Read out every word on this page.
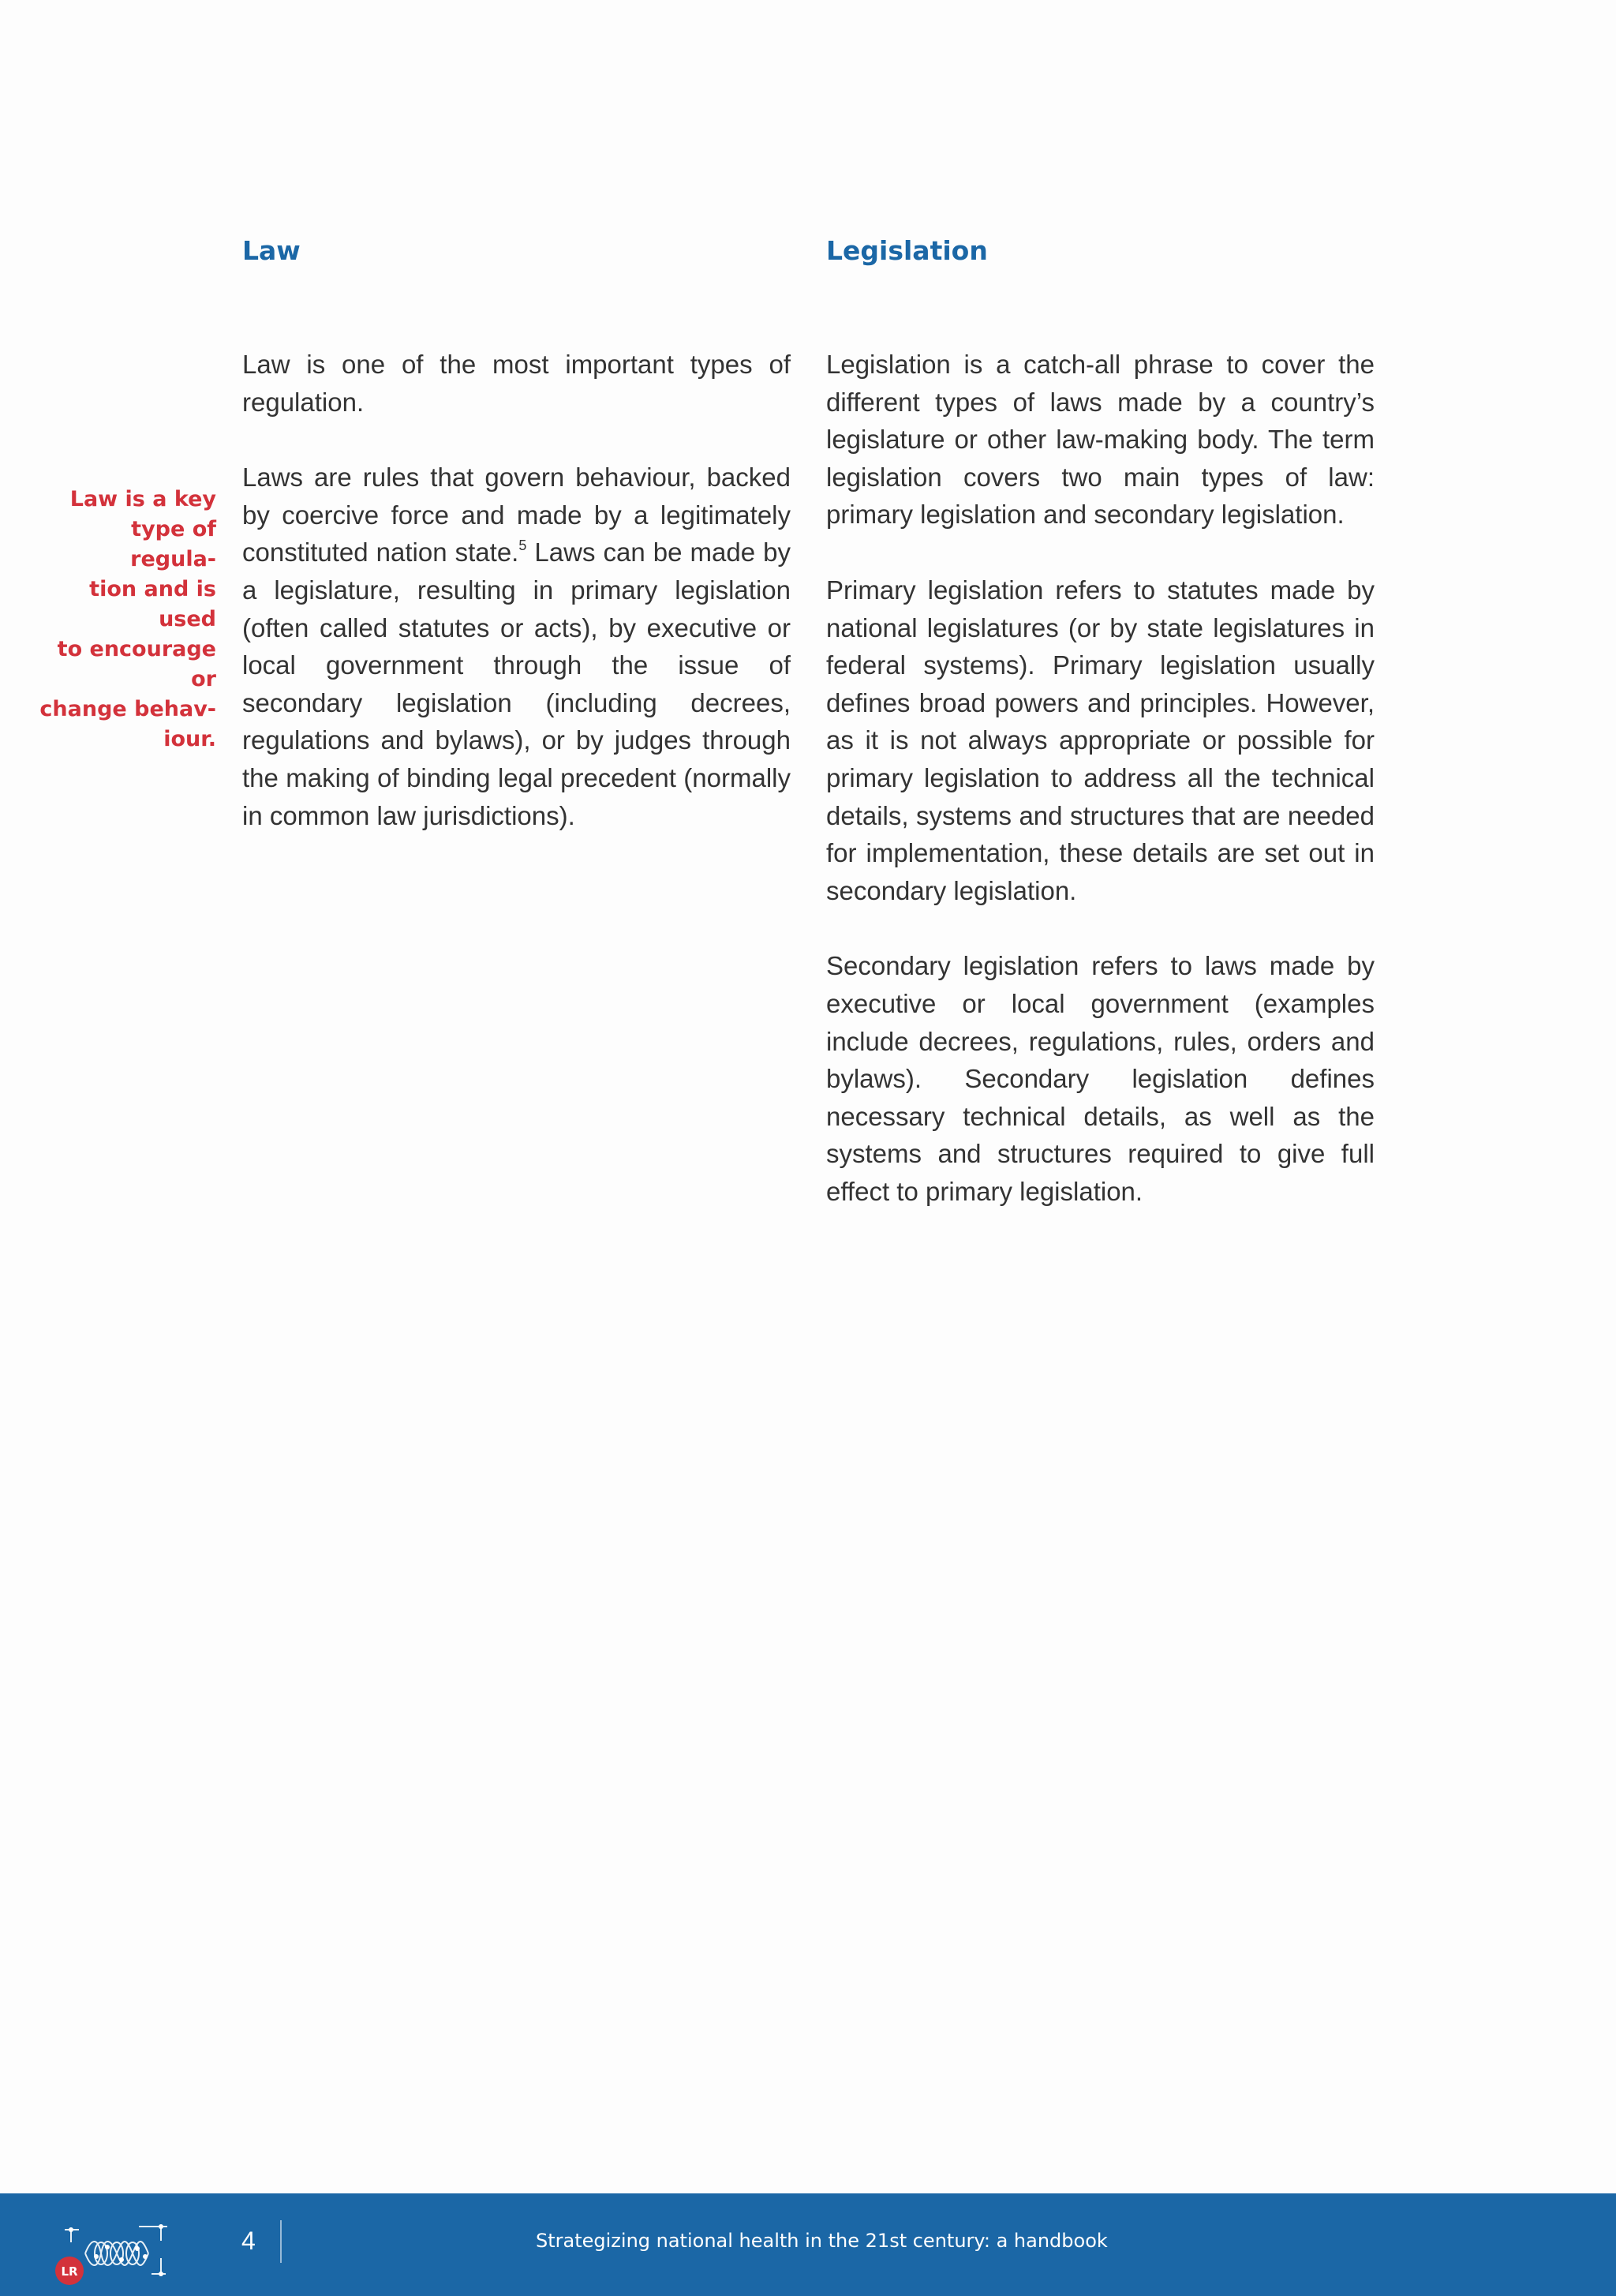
Law	Legislation

Law is a key
type of regula-
tion and is used
to encourage or
change behav-
iour.

Law is one of the most important types of regulation.

Laws are rules that govern behaviour, backed by coercive force and made by a legitimately constituted nation state.$^5$ Laws can be made by a legislature, resulting in primary legislation (often called statutes or acts), by executive or local government through the issue of secondary legislation (including decrees, regulations and bylaws), or by judges through the making of binding legal precedent (normally in common law jurisdictions).

Legislation is a catch-all phrase to cover the different types of laws made by a country’s legislature or other law-making body. The term legislation covers two main types of law: primary legislation and secondary legislation.

Primary legislation refers to statutes made by national legislatures (or by state legislatures in federal systems). Primary legislation usually defines broad powers and principles. However, as it is not always appropriate or possible for primary legislation to address all the technical details, systems and structures that are needed for implementation, these details are set out in secondary legislation.

Secondary legislation refers to laws made by executive or local government (examples include decrees, regulations, rules, orders and bylaws). Secondary legislation defines necessary technical details, as well as the systems and structures required to give full effect to primary legislation.

LR
4	Strategizing national health in the 21st century: a handbook
